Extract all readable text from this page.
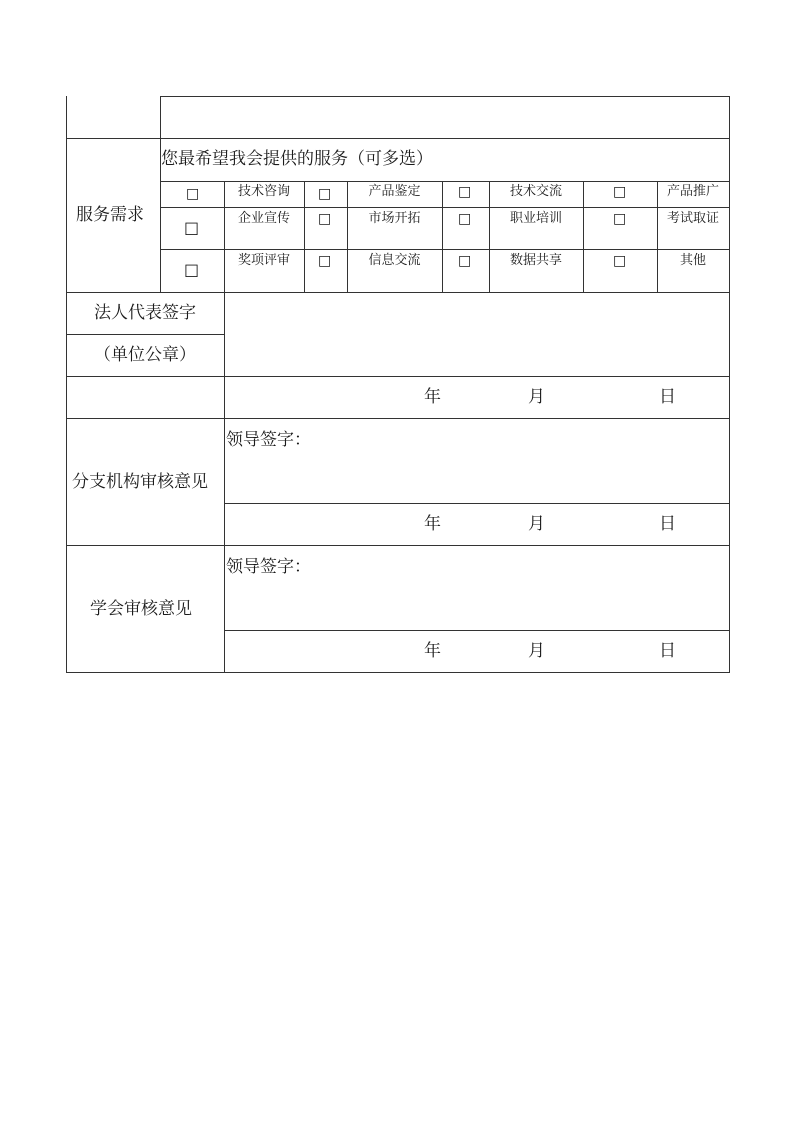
服务需求
您最希望我会提供的服务（可多选）
□	技术咨询	□	产品鉴定	□	技术交流	□	产品推广
□	企业宣传	□	市场开拓	□	职业培训	□	考试取证
□	奖项评审	□	信息交流	□	数据共享	□	其他
法人代表签字
（单位公章）
年	月	日
分支机构审核意见
领导签字：
年	月	日
学会审核意见
领导签字：
年	月	日
